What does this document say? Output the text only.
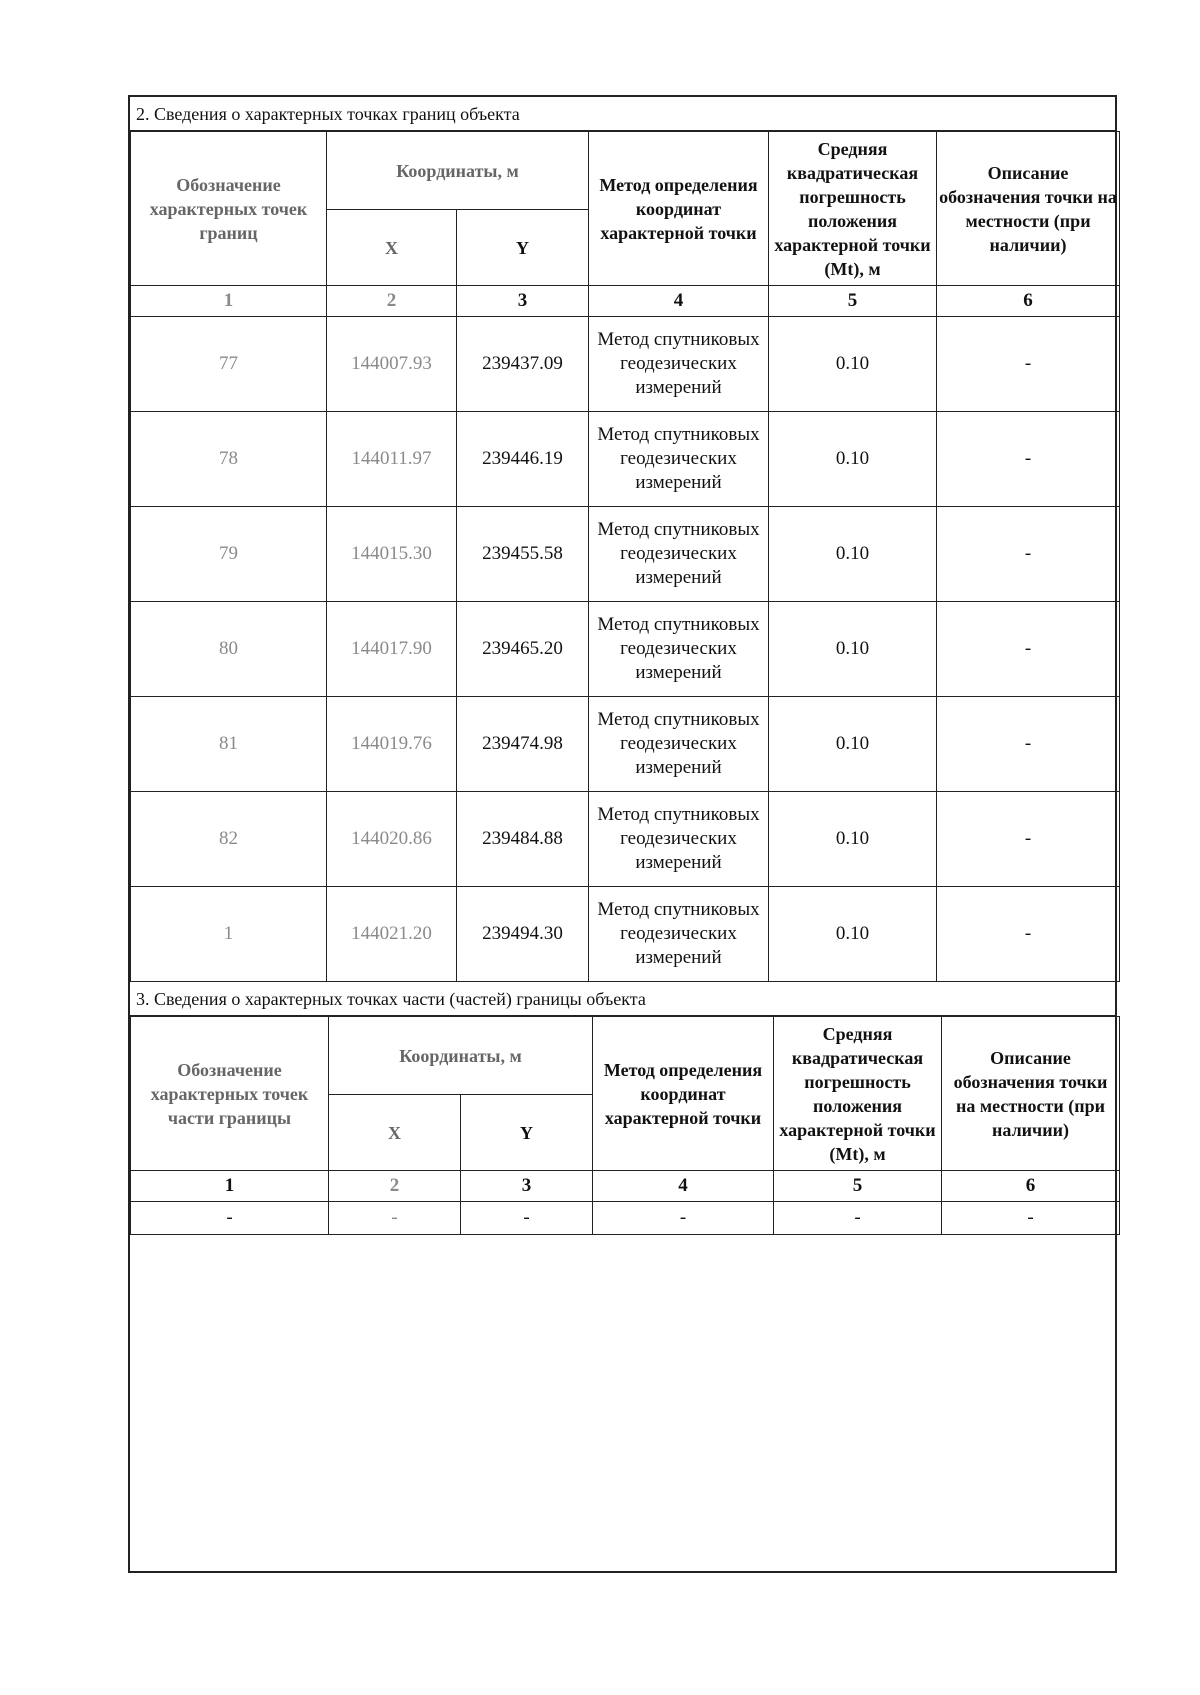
2. Сведения о характерных точках границ объекта
Обозначение характерных точек границ	Координаты, м		Метод определения координат характерной точки	Средняя квадратическая погрешность положения характерной точки (Mt), м	Описание обозначения точки на местности (при наличии)
	X	Y			
1	2	3	4	5	6
77	144007.93	239437.09	Метод спутниковых геодезических измерений	0.10	-
78	144011.97	239446.19	Метод спутниковых геодезических измерений	0.10	-
79	144015.30	239455.58	Метод спутниковых геодезических измерений	0.10	-
80	144017.90	239465.20	Метод спутниковых геодезических измерений	0.10	-
81	144019.76	239474.98	Метод спутниковых геодезических измерений	0.10	-
82	144020.86	239484.88	Метод спутниковых геодезических измерений	0.10	-
1	144021.20	239494.30	Метод спутниковых геодезических измерений	0.10	-
3. Сведения о характерных точках части (частей) границы объекта
Обозначение характерных точек части границы	Координаты, м		Метод определения координат характерной точки	Средняя квадратическая погрешность положения характерной точки (Mt), м	Описание обозначения точки на местности (при наличии)
	X	Y			
1	2	3	4	5	6
-	-	-	-	-	-
